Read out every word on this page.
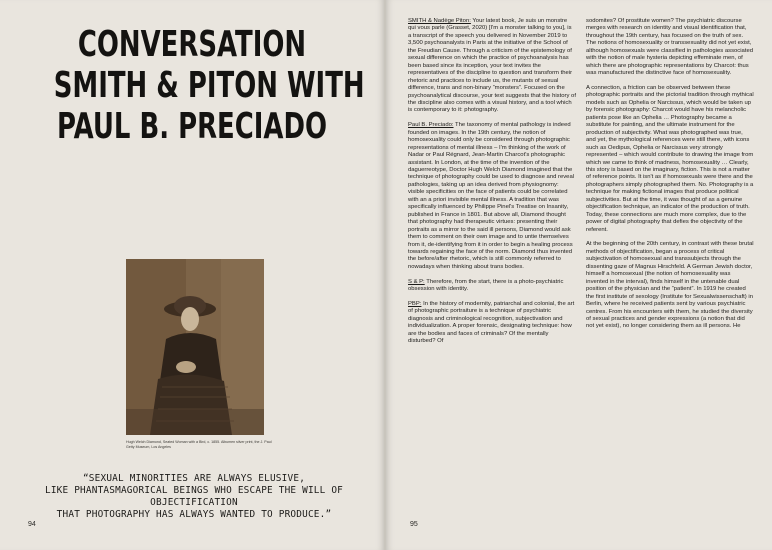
CONVERSATION
SMITH & PITON WITH
PAUL B. PRECIADO
Hugh Welch Diamond, Seated Woman with a Bird, c. 1855. Albumen silver print, the J. Paul Getty Museum, Los Angeles
“SEXUAL MINORITIES ARE ALWAYS ELUSIVE,
LIKE PHANTASMAGORICAL BEINGS WHO ESCAPE THE WILL OF OBJECTIFICATION
THAT PHOTOGRAPHY HAS ALWAYS WANTED TO PRODUCE.”
94

SMITH & Nadège Piton: Your latest book, Je suis un monstre qui vous parle (Grasset, 2020) [I'm a monster talking to you], is a transcript of the speech you delivered in November 2019 to 3,500 psychoanalysts in Paris at the initiative of the School of the Freudian Cause. Through a criticism of the epistemology of sexual difference on which the practice of psychoanalysis has been based since its inception, your text invites the representatives of the discipline to question and transform their rhetoric and practices to include us, the mutants of sexual difference, trans and non-binary “monsters”. Focused on the psychoanalytical discourse, your text suggests that the history of the discipline also comes with a visual history, and a tool which is contemporary to it: photography.

Paul B. Preciado: The taxonomy of mental pathology is indeed founded on images. In the 19th century, the notion of homosexuality could only be considered through photographic representations of mental illness – I'm thinking of the work of Nadar or Paul Régnard, Jean-Martin Charcot's photographic assistant. In London, at the time of the invention of the daguerreotype, Doctor Hugh Welch Diamond imagined that the technique of photography could be used to diagnose and reveal pathologies, taking up an idea derived from physiognomy: visible specificities on the face of patients could be correlated with an a priori invisible mental illness. A tradition that was specifically influenced by Philippe Pinel's Treatise on Insanity, published in France in 1801. But above all, Diamond thought that photography had therapeutic virtues: presenting their portraits as a mirror to the said ill persons, Diamond would ask them to comment on their own image and to untie themselves from it, de-identifying from it in order to begin a healing process towards regaining the face of the norm. Diamond thus invented the before/after rhetoric, which is still commonly referred to nowadays when thinking about trans bodies.

S & P: Therefore, from the start, there is a photo-psychiatric obsession with identity.

PBP: In the history of modernity, patriarchal and colonial, the art of photographic portraiture is a technique of psychiatric diagnosis and criminological recognition, subjectivation and individualization. A proper forensic, designating technique: how are the bodies and faces of criminals? Of the mentally disturbed? Of

sodomites? Of prostitute women? The psychiatric discourse merges with research on identity and visual identification that, throughout the 19th century, has focused on the truth of sex. The notions of homosexuality or transsexuality did not yet exist, although homosexuals were classified in pathologies associated with the notion of male hysteria depicting effeminate men, of which there are photographic representations by Charcot: thus was manufactured the distinctive face of homosexuality.

A connection, a friction can be observed between these photographic portraits and the pictorial tradition through mythical models such as Ophelia or Narcissus, which would be taken up by forensic photography: Charcot would have his melancholic patients pose like an Ophelia … Photography became a substitute for painting, and the ultimate instrument for the production of subjectivity. What was photographed was true, and yet, the mythological references were still there, with icons such as Oedipus, Ophelia or Narcissus very strongly represented – which would contribute to drawing the image from which we came to think of madness, homosexuality … Clearly, this story is based on the imaginary, fiction. This is not a matter of reference points. It isn't as if homosexuals were there and the photographers simply photographed them. No. Photography is a technique for making fictional images that produce political subjectivities. But at the time, it was thought of as a genuine objectification technique, an indicator of the production of truth. Today, these connections are much more complex, due to the power of digital photography that defies the objectivity of the referent.

At the beginning of the 20th century, in contrast with these brutal methods of objectification, began a process of critical subjectivation of homosexual and transsubjects through the dissenting gaze of Magnus Hirschfeld. A German Jewish doctor, himself a homosexual (the notion of homosexuality was invented in the interval), finds himself in the untenable dual position of the physician and the “patient”. In 1919 he created the first institute of sexology (Institute for Sexualwissenschaft) in Berlin, where he received patients sent by various psychiatric centres. From his encounters with them, he studied the diversity of sexual practices and gender expressions (a notion that did not yet exist), no longer considering them as ill persons. He

95
